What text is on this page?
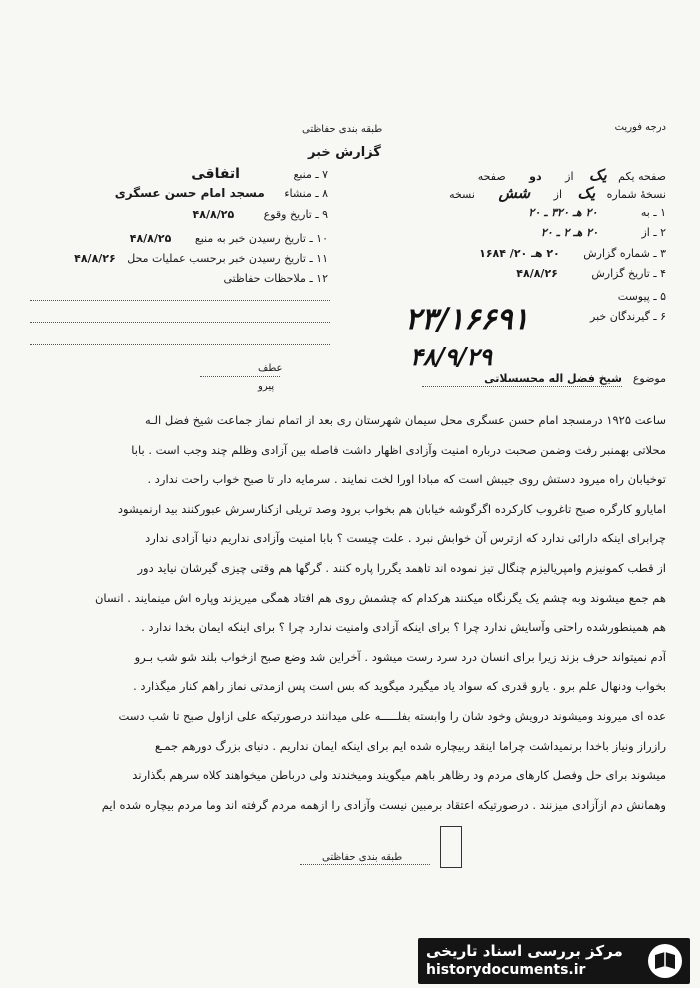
درجه فوریت
طبقه بندی حفاظتی
گزارش خبر
صفحه یکم یک از دو صفحه
نسخهٔ شماره یک از شش نسخه
۱ ـ به ۲۰ هـ ۳۲۰ ـ ۲۰
۲ ـ از ۲۰ هـ ۲ ـ ۲۰
۳ ـ شماره گزارش ۲۰ هـ ۲۰/ ۱۶۸۴
۴ ـ تاریخ گزارش ۴۸/۸/۲۶
۵ ـ پیوست
۶ ـ گیرندگان خبر
۷ ـ منبع اتفاقی
۸ ـ منشاء مسجد امام حسن عسگری
۹ ـ تاریخ وقوع ۴۸/۸/۲۵
۱۰ ـ تاریخ رسیدن خبر به منبع ۴۸/۸/۲۵
۱۱ ـ تاریخ رسیدن خبر برحسب عملیات محل ۴۸/۸/۲۶
۱۲ ـ ملاحظات حفاظتی
۲۳/۱۶۶۹۱
۴۸/۹/۲۹
موضوع
شیخ فضل اله محسسلاتی
عطف
پیرو
ساعت ۱۹۲۵ درمسجد امام حسن عسگری محل سیمان شهرستان ری بعد از اتمام نماز جماعت شیخ فضل الـه
محلاتی بهمنبر رفت وضمن صحبت درباره امنیت وآزادی اظهار داشت فاصله بین آزادی وظلم چند وجب است . بابا
توخیابان راه میرود دستش روی جیبش است که مبادا اورا لخت نمایند . سرمایه دار تا صبح خواب راحت ندارد .
امایارو کارگره صبح تاغروب کارکرده اگرگوشه خیابان هم بخواب برود وصد تریلی ازکنارسرش عبورکنند بید ارنمیشود
چرابرای اینکه دارائی ندارد که ازترس آن خوابش نبرد . علت چیست ؟ بابا امنیت وآزادی نداریم دنیا آزادی ندارد
از قطب کمونیزم وامپریالیزم چنگال تیز نموده اند تاهمد یگررا پاره کنند . گرگها هم وقتی چیزی گیرشان نیاید دور
هم جمع میشوند وبه چشم یک یگرنگاه میکنند هرکدام که چشمش روی هم افتاد همگی میریزند وپاره اش مینمایند . انسان
هم همینطورشده راحتی وآسایش ندارد چرا ؟ برای اینکه آزادی وامنیت ندارد چرا ؟ برای اینکه ایمان بخدا ندارد .
آدم نمیتواند حرف بزند زیرا برای انسان درد سرد رست میشود . آخراین شد وضع صبح ازخواب بلند شو شب بـرو
بخواب ودنهال علم برو . یارو قدری که سواد یاد میگیرد میگوید که بس است پس ازمدتی نماز راهم کنار میگذارد .
عده ای میروند ومیشوند درویش وخود شان را وابسته بفلـــــه علی میدانند درصورتیکه علی ازاول صبح تا شب دست
رازراز ونیاز باخدا برنمیداشت چراما اینقد ربیچاره شده ایم برای اینکه ایمان نداریم . دنیای بزرگ دورهم جمـع
میشوند برای حل وفصل کارهای مردم ود رظاهر باهم میگویند ومیخندند ولی درباطن میخواهند کلاه سرهم بگذارند
وهمانش دم ازآزادی میزنند . درصورتیکه اعتقاد برمبین نیست وآزادی را ازهمه مردم گرفته اند وما مردم بیچاره شده ایم
طبقه بندی حفاظتی
مرکز بررسی اسناد تاریخی
historydocuments.ir
